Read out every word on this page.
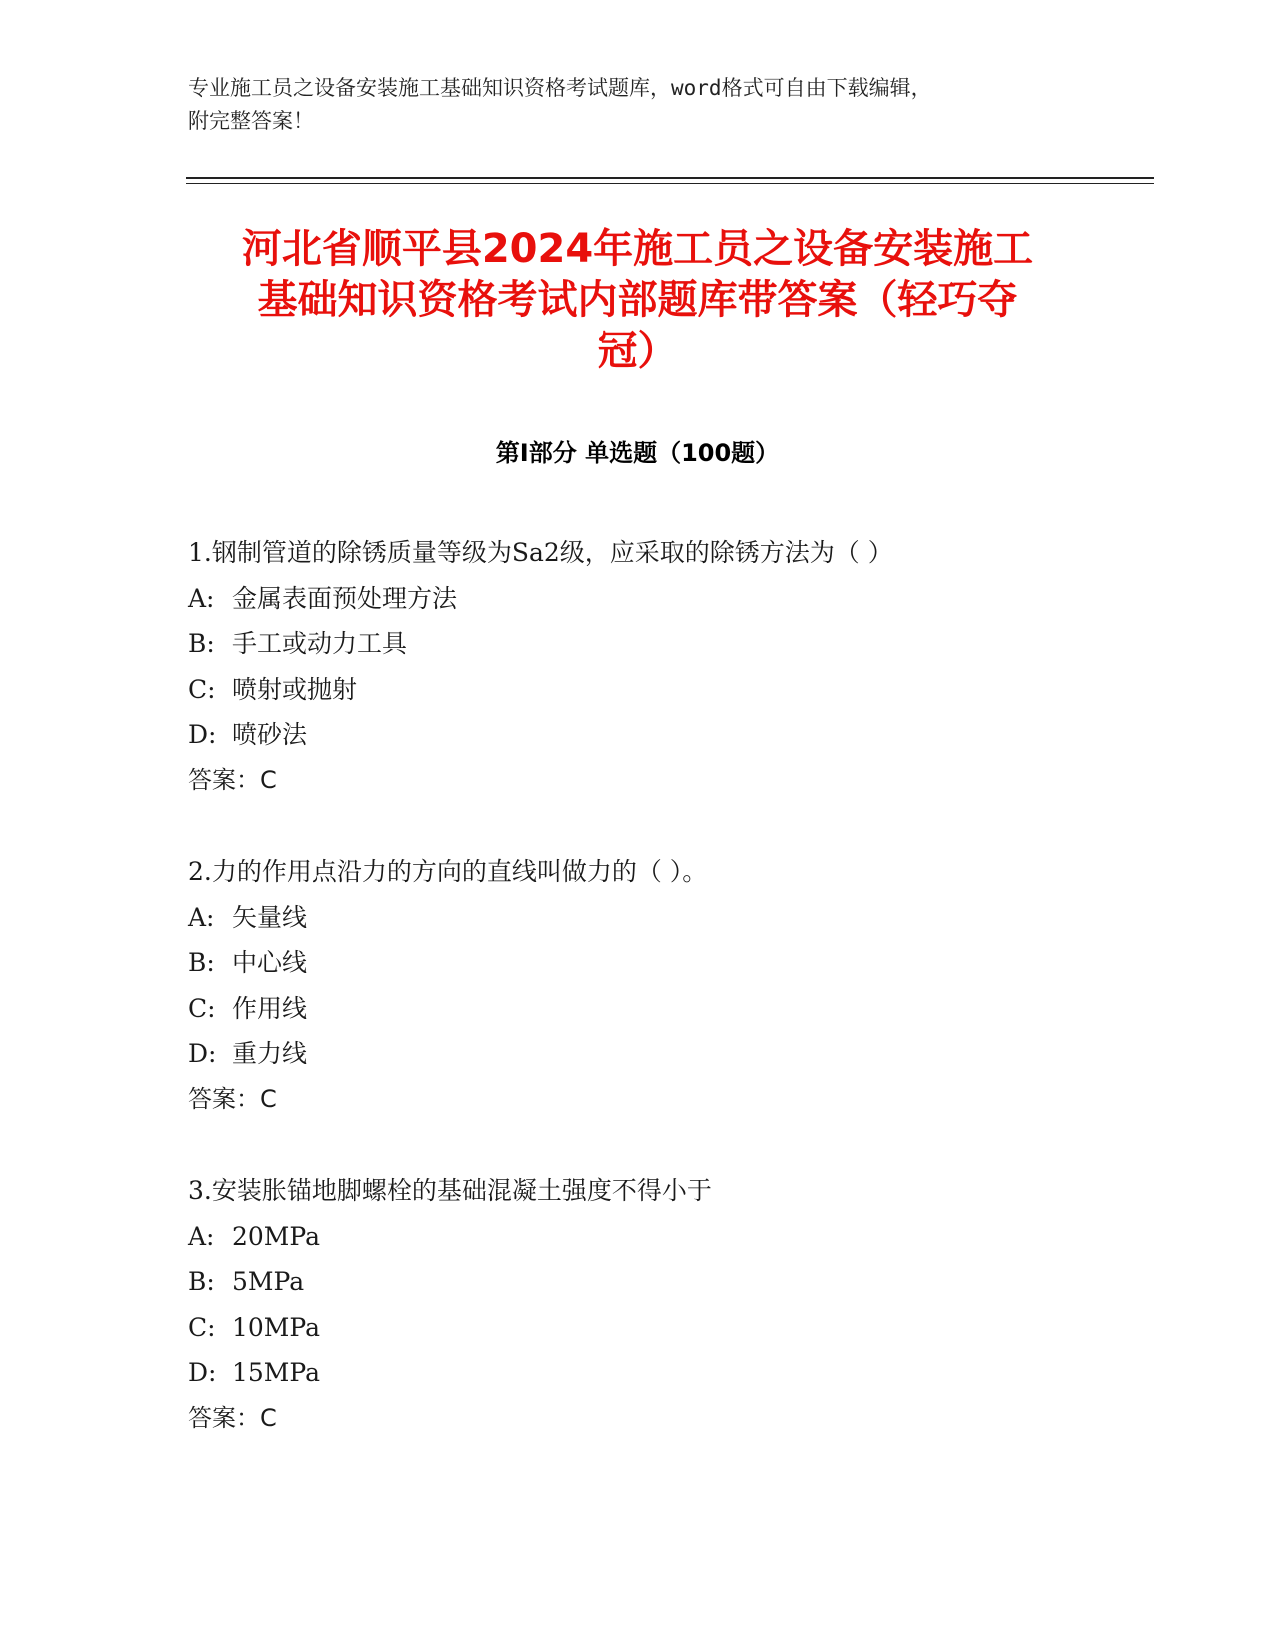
专业施工员之设备安装施工基础知识资格考试题库，word格式可自由下载编辑，
附完整答案！
河北省顺平县2024年施工员之设备安装施工
基础知识资格考试内部题库带答案（轻巧夺
冠）
第Ⅰ部分 单选题（100题）
1.钢制管道的除锈质量等级为Sa2级，应采取的除锈方法为（ ）
A: 金属表面预处理方法
B: 手工或动力工具
C: 喷射或抛射
D: 喷砂法
答案：C
2.力的作用点沿力的方向的直线叫做力的（ ）。
A: 矢量线
B: 中心线
C: 作用线
D: 重力线
答案：C
3.安装胀锚地脚螺栓的基础混凝土强度不得小于
A: 20MPa
B: 5MPa
C: 10MPa
D: 15MPa
答案：C
